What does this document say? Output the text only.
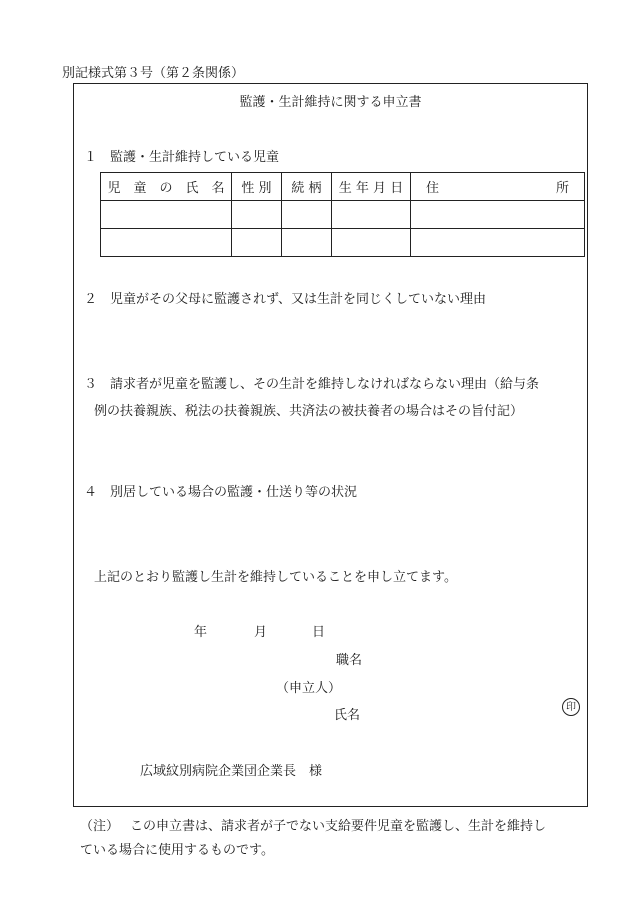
別記様式第３号（第２条関係）
監護・生計維持に関する申立書
１　監護・生計維持している児童
児　童　の　氏　名	性 別	続 柄	生 年 月 日	住　　　　　　　　　所

２　児童がその父母に監護されず、又は生計を同じくしていない理由
３　請求者が児童を監護し、その生計を維持しなければならない理由（給与条
例の扶養親族、税法の扶養親族、共済法の被扶養者の場合はその旨付記）
４　別居している場合の監護・仕送り等の状況
上記のとおり監護し生計を維持していることを申し立てます。
年	月	日
職名
（申立人）
氏名
印
広域紋別病院企業団企業長　様
（注） この申立書は、請求者が子でない支給要件児童を監護し、生計を維持し
ている場合に使用するものです。
